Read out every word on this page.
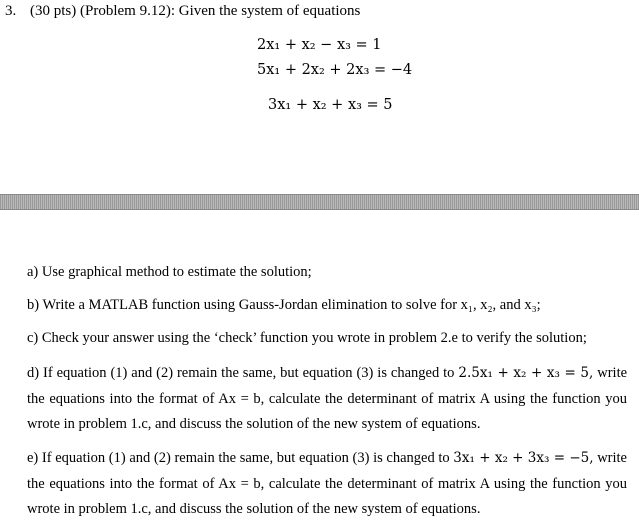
3. (30 pts) (Problem 9.12): Given the system of equations
2x₁ + x₂ − x₃ = 1
5x₁ + 2x₂ + 2x₃ = −4
3x₁ + x₂ + x₃ = 5
a) Use graphical method to estimate the solution;
b) Write a MATLAB function using Gauss-Jordan elimination to solve for x₁, x₂, and x₃;
c) Check your answer using the ‘check’ function you wrote in problem 2.e to verify the solution;
d) If equation (1) and (2) remain the same, but equation (3) is changed to 2.5x₁ + x₂ + x₃ = 5, write
the equations into the format of Ax = b, calculate the determinant of matrix A using the function you
wrote in problem 1.c, and discuss the solution of the new system of equations.
e) If equation (1) and (2) remain the same, but equation (3) is changed to 3x₁ + x₂ + 3x₃ = −5, write
the equations into the format of Ax = b, calculate the determinant of matrix A using the function you
wrote in problem 1.c, and discuss the solution of the new system of equations.
